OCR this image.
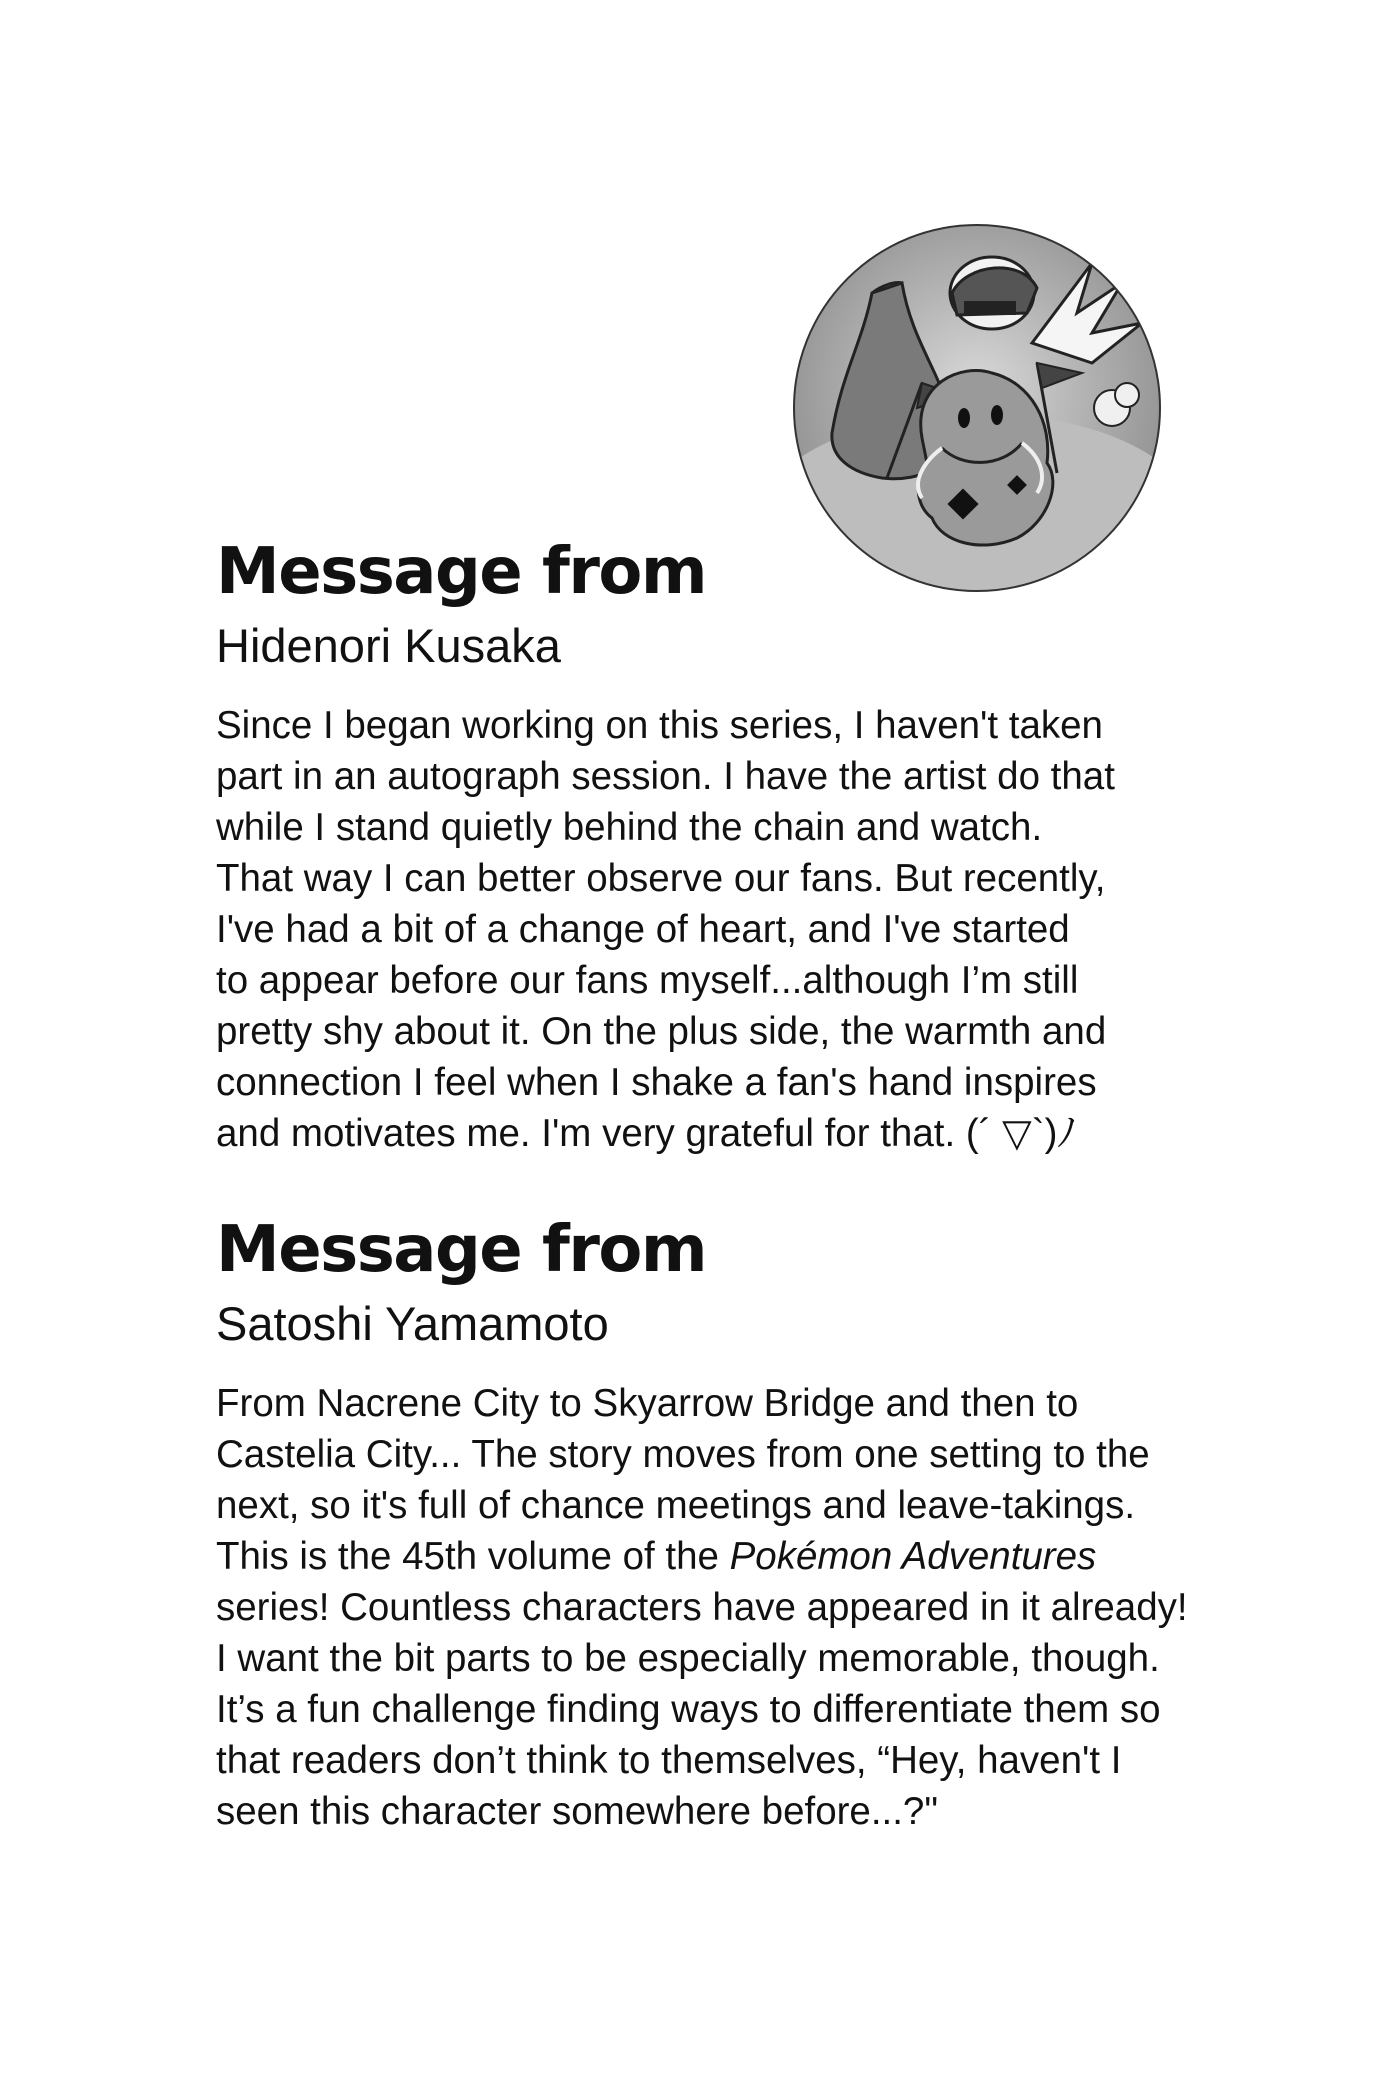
Message from
Hidenori Kusaka
Since I began working on this series, I haven't taken
part in an autograph session. I have the artist do that
while I stand quietly behind the chain and watch.
That way I can better observe our fans. But recently,
I've had a bit of a change of heart, and I've started
to appear before our fans myself...although I’m still
pretty shy about it. On the plus side, the warmth and
connection I feel when I shake a fan's hand inspires
and motivates me. I'm very grateful for that. (´ ▽`)ﾉ
Message from
Satoshi Yamamoto
From Nacrene City to Skyarrow Bridge and then to
Castelia City... The story moves from one setting to the
next, so it's full of chance meetings and leave-takings.
This is the 45th volume of the Pokémon Adventures
series! Countless characters have appeared in it already!
I want the bit parts to be especially memorable, though.
It’s a fun challenge finding ways to differentiate them so
that readers don’t think to themselves, “Hey, haven't I
seen this character somewhere before...?"
